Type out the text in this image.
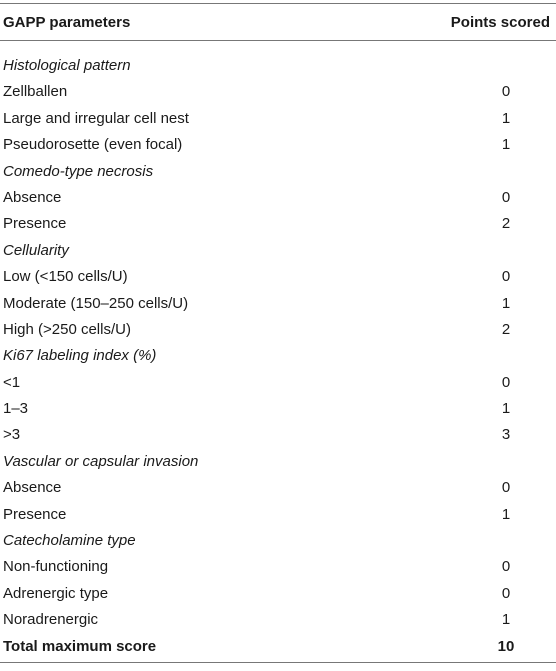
GAPP parameters	Points scored
Histological pattern
Zellballen	0
Large and irregular cell nest	1
Pseudorosette (even focal)	1
Comedo-type necrosis
Absence	0
Presence	2
Cellularity
Low (<150 cells/U)	0
Moderate (150–250 cells/U)	1
High (>250 cells/U)	2
Ki67 labeling index (%)
<1	0
1–3	1
>3	3
Vascular or capsular invasion
Absence	0
Presence	1
Catecholamine type
Non-functioning	0
Adrenergic type	0
Noradrenergic	1
Total maximum score	10
